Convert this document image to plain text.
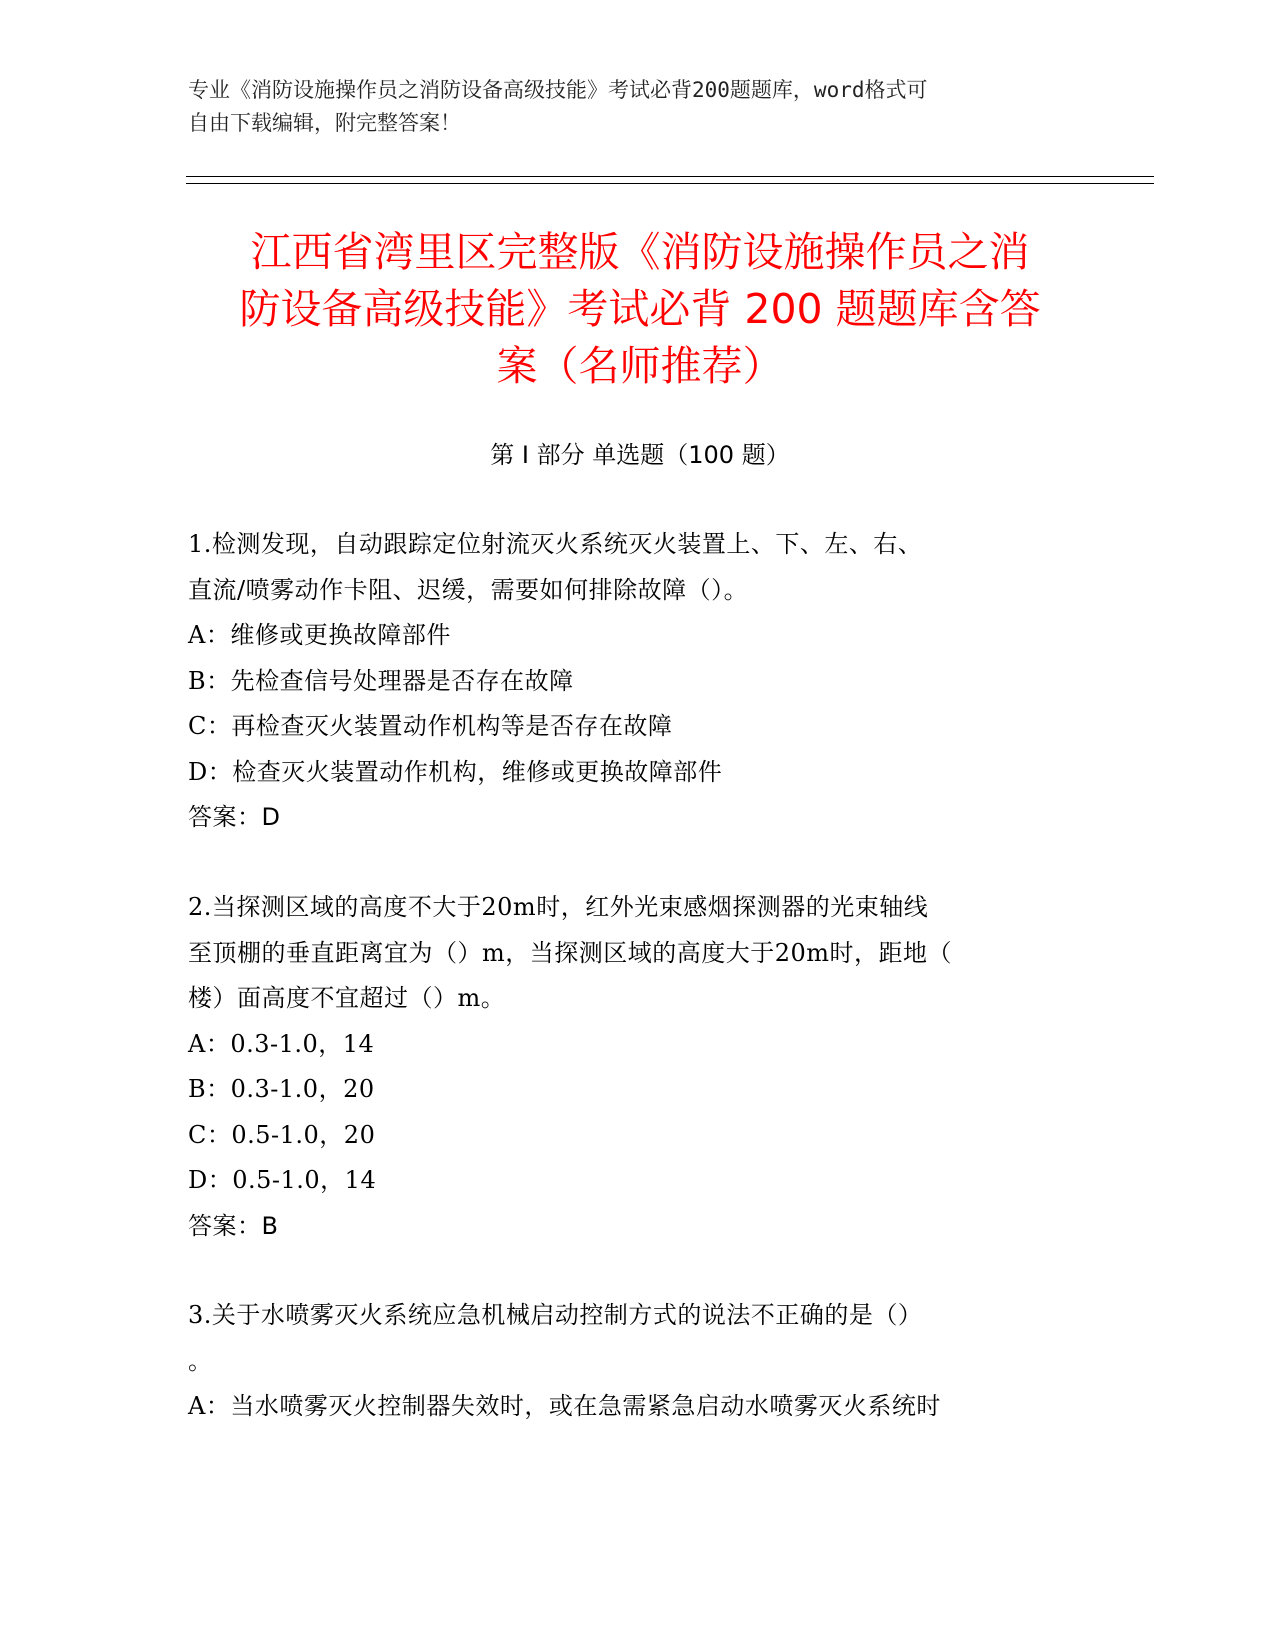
专业《消防设施操作员之消防设备高级技能》考试必背200题题库，word格式可
自由下载编辑，附完整答案！
江西省湾里区完整版《消防设施操作员之消
防设备高级技能》考试必背 200 题题库含答
案（名师推荐）
第 I 部分 单选题（100 题）
1.检测发现，自动跟踪定位射流灭火系统灭火装置上、下、左、右、
直流/喷雾动作卡阻、迟缓，需要如何排除故障（）。
A：维修或更换故障部件
B：先检查信号处理器是否存在故障
C：再检查灭火装置动作机构等是否存在故障
D：检查灭火装置动作机构，维修或更换故障部件
答案：D
2.当探测区域的高度不大于20m时，红外光束感烟探测器的光束轴线
至顶棚的垂直距离宜为（）m，当探测区域的高度大于20m时，距地（
楼）面高度不宜超过（）m。
A：0.3-1.0，14
B：0.3-1.0，20
C：0.5-1.0，20
D：0.5-1.0，14
答案：B
3.关于水喷雾灭火系统应急机械启动控制方式的说法不正确的是（）
。
A：当水喷雾灭火控制器失效时，或在急需紧急启动水喷雾灭火系统时
